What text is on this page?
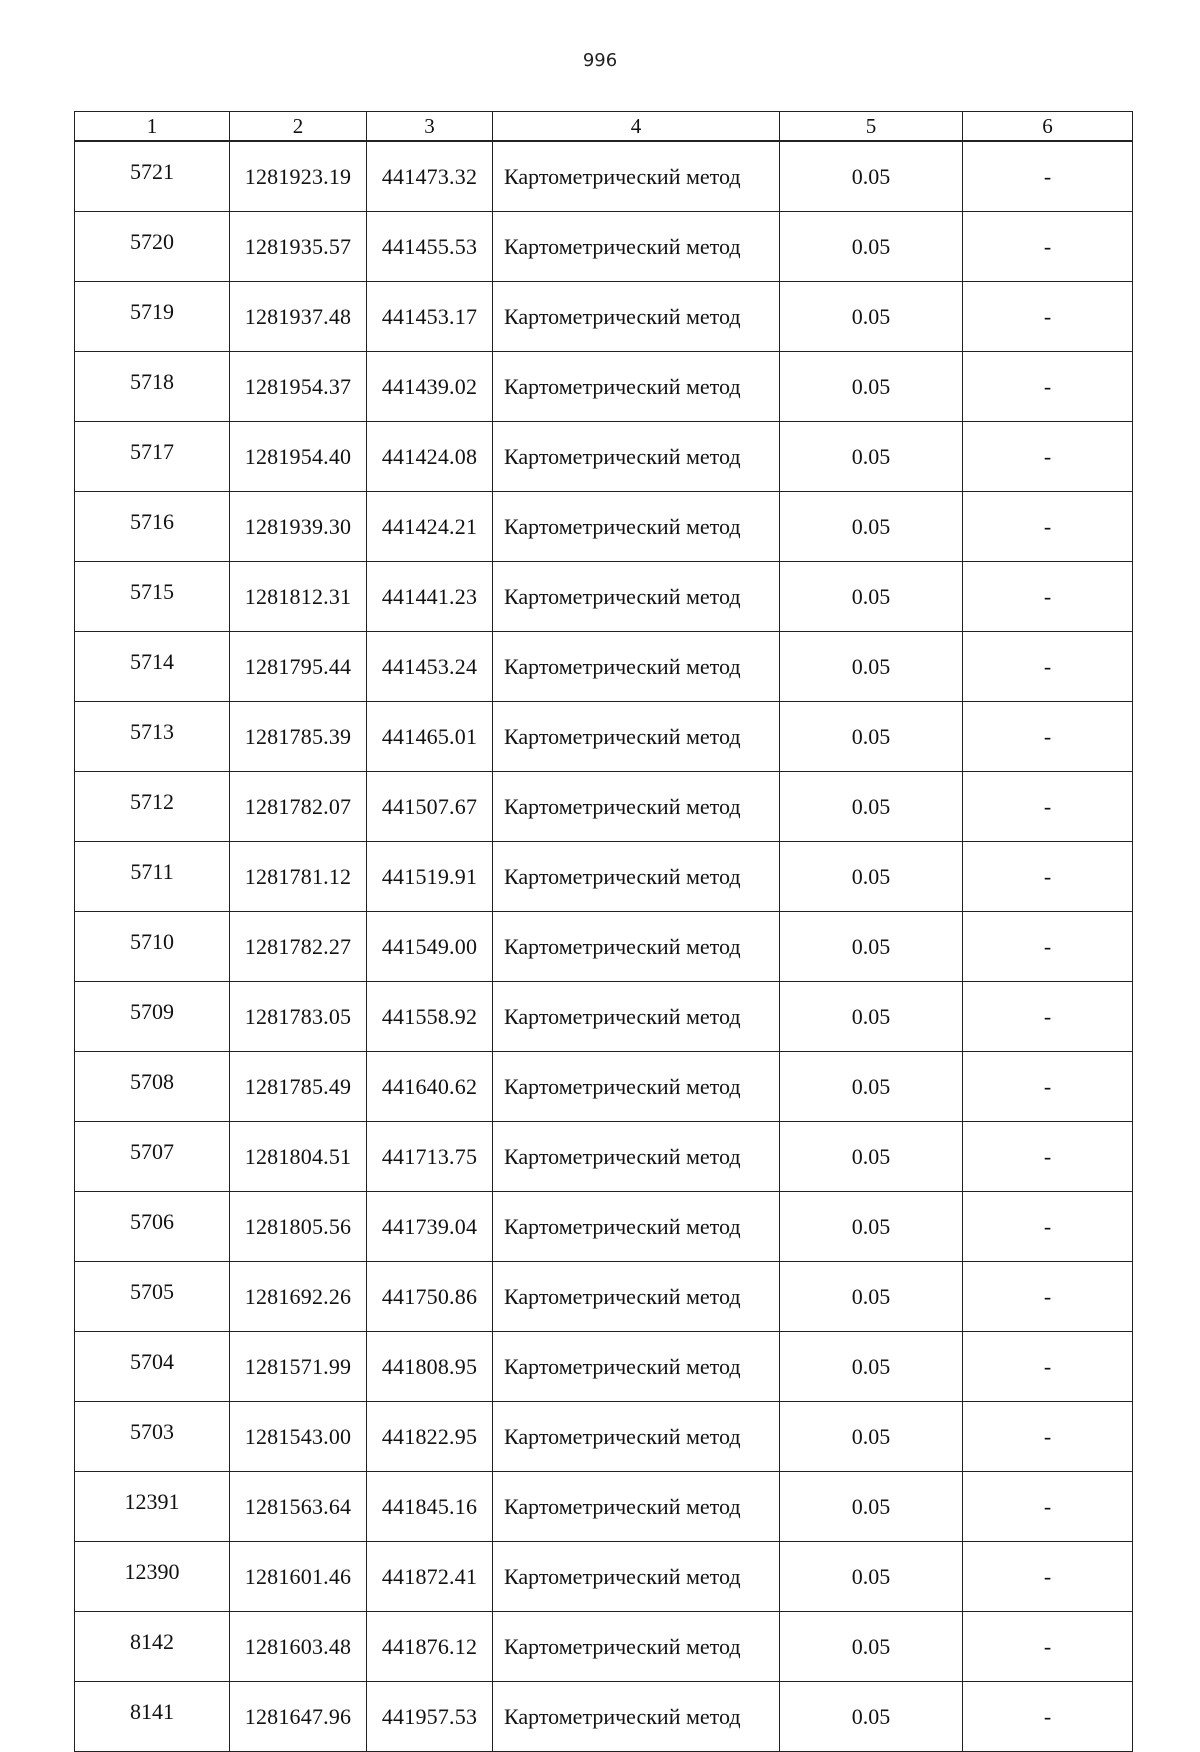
996
1	2	3	4	5	6
5721	1281923.19	441473.32	Картометрический метод	0.05	-
5720	1281935.57	441455.53	Картометрический метод	0.05	-
5719	1281937.48	441453.17	Картометрический метод	0.05	-
5718	1281954.37	441439.02	Картометрический метод	0.05	-
5717	1281954.40	441424.08	Картометрический метод	0.05	-
5716	1281939.30	441424.21	Картометрический метод	0.05	-
5715	1281812.31	441441.23	Картометрический метод	0.05	-
5714	1281795.44	441453.24	Картометрический метод	0.05	-
5713	1281785.39	441465.01	Картометрический метод	0.05	-
5712	1281782.07	441507.67	Картометрический метод	0.05	-
5711	1281781.12	441519.91	Картометрический метод	0.05	-
5710	1281782.27	441549.00	Картометрический метод	0.05	-
5709	1281783.05	441558.92	Картометрический метод	0.05	-
5708	1281785.49	441640.62	Картометрический метод	0.05	-
5707	1281804.51	441713.75	Картометрический метод	0.05	-
5706	1281805.56	441739.04	Картометрический метод	0.05	-
5705	1281692.26	441750.86	Картометрический метод	0.05	-
5704	1281571.99	441808.95	Картометрический метод	0.05	-
5703	1281543.00	441822.95	Картометрический метод	0.05	-
12391	1281563.64	441845.16	Картометрический метод	0.05	-
12390	1281601.46	441872.41	Картометрический метод	0.05	-
8142	1281603.48	441876.12	Картометрический метод	0.05	-
8141	1281647.96	441957.53	Картометрический метод	0.05	-
